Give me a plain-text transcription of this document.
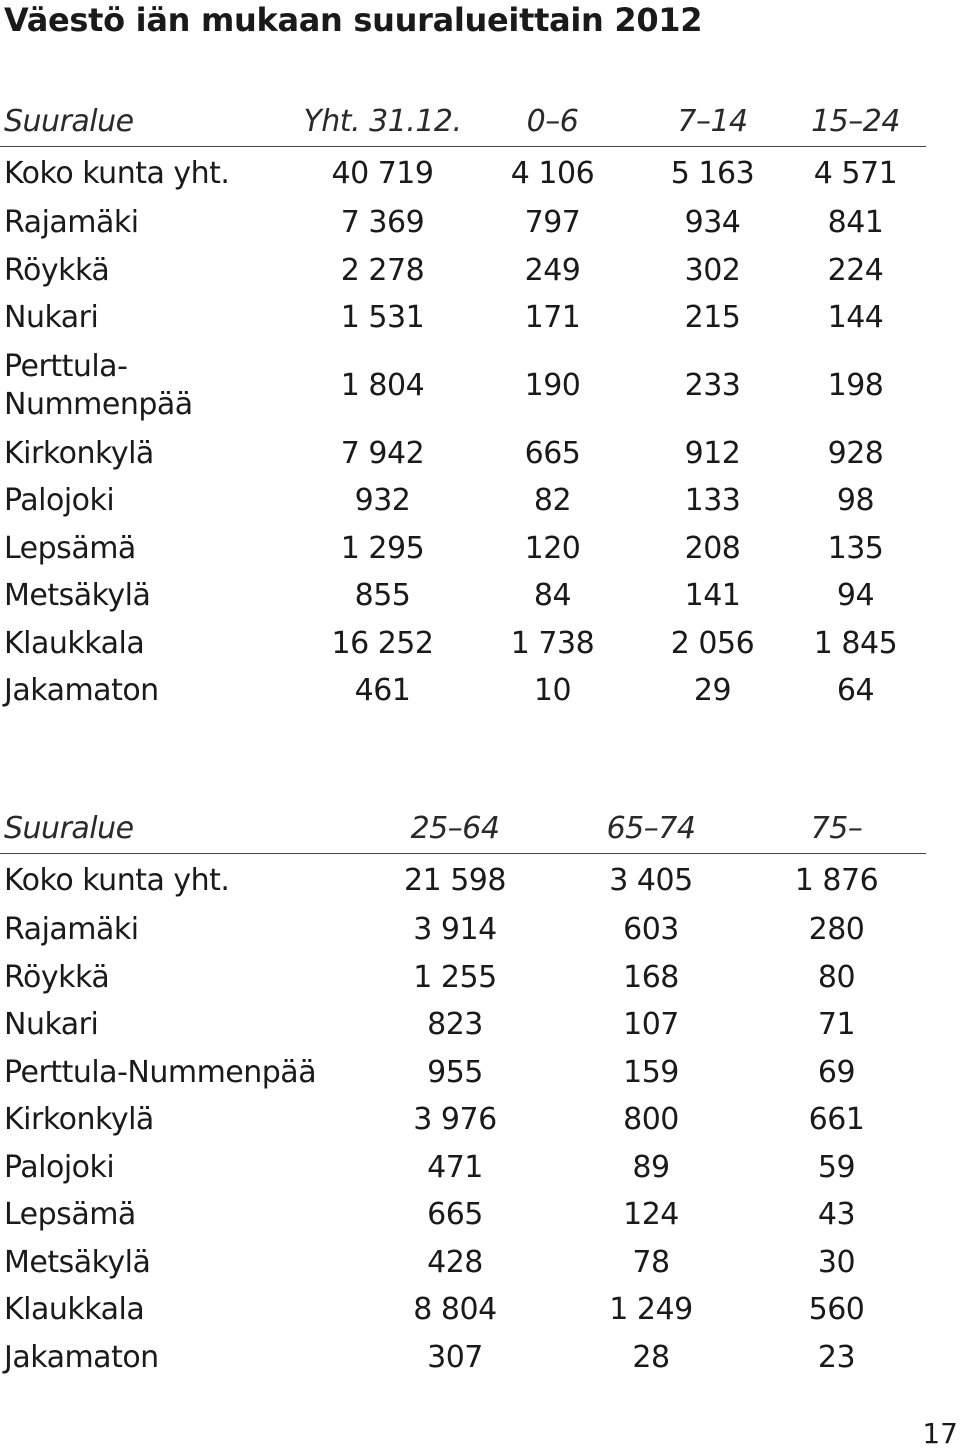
Väestö iän mukaan suuralueittain 2012
Suuralue	Yht. 31.12.	0–6	7–14	15–24
Koko kunta yht.	40 719	4 106	5 163	4 571
Rajamäki	7 369	797	934	841
Röykkä	2 278	249	302	224
Nukari	1 531	171	215	144
Perttula-
Nummenpää	1 804	190	233	198
Kirkonkylä	7 942	665	912	928
Palojoki	932	82	133	98
Lepsämä	1 295	120	208	135
Metsäkylä	855	84	141	94
Klaukkala	16 252	1 738	2 056	1 845
Jakamaton	461	10	29	64
Suuralue	25–64	65–74	75–
Koko kunta yht.	21 598	3 405	1 876
Rajamäki	3 914	603	280
Röykkä	1 255	168	80
Nukari	823	107	71
Perttula-Nummenpää	955	159	69
Kirkonkylä	3 976	800	661
Palojoki	471	89	59
Lepsämä	665	124	43
Metsäkylä	428	78	30
Klaukkala	8 804	1 249	560
Jakamaton	307	28	23
17
